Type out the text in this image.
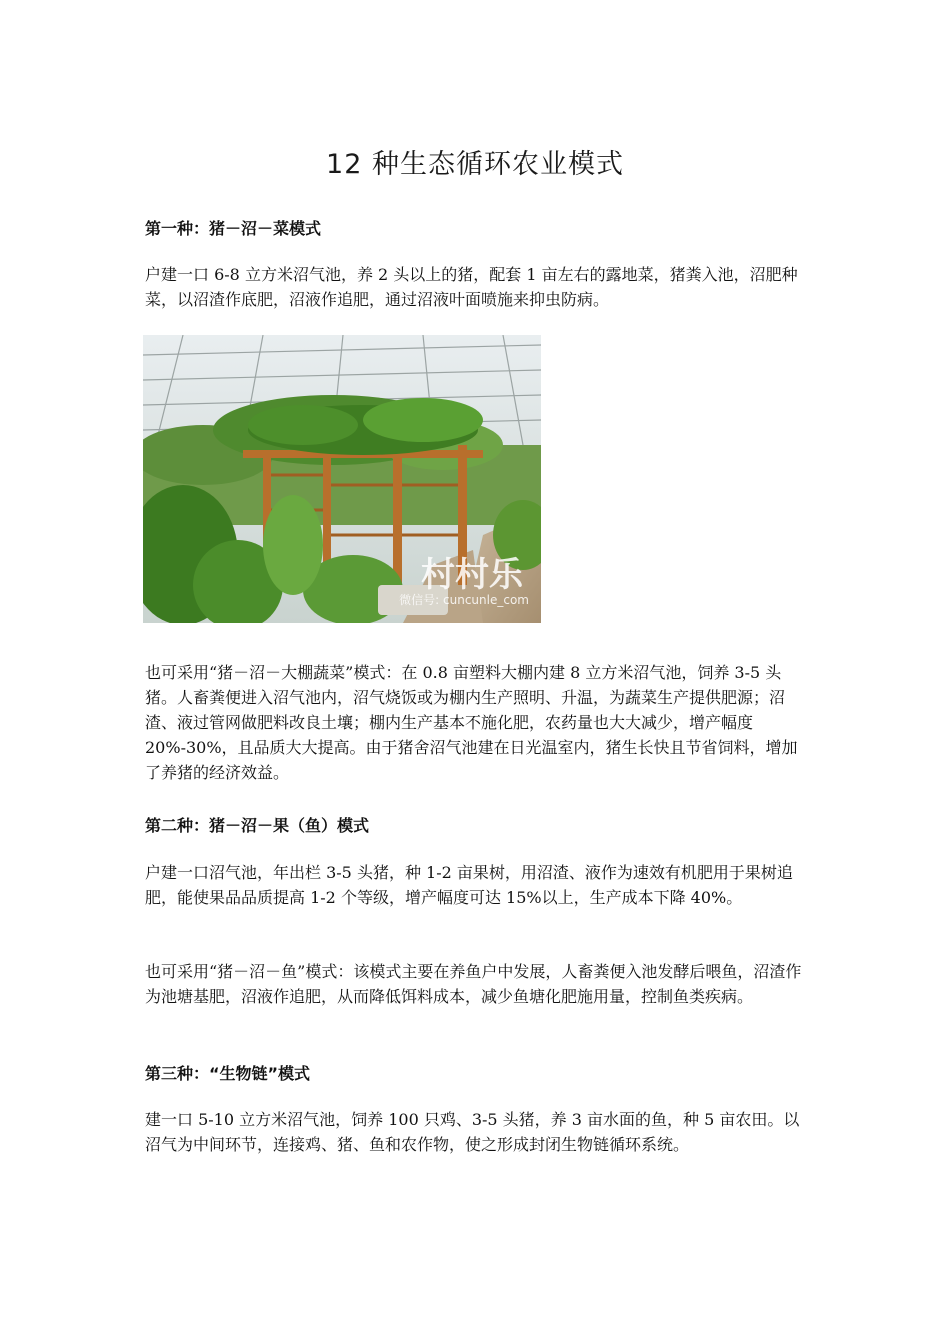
12 种生态循环农业模式
第一种：猪－沼－菜模式
户建一口 6-8 立方米沼气池，养 2 头以上的猪，配套 1 亩左右的露地菜，猪粪入池，沼肥种菜，以沼渣作底肥，沼液作追肥，通过沼液叶面喷施来抑虫防病。
村村乐
微信号: cuncunle_com
也可采用“猪－沼－大棚蔬菜”模式：在 0.8 亩塑料大棚内建 8 立方米沼气池，饲养 3-5 头猪。人畜粪便进入沼气池内，沼气烧饭或为棚内生产照明、升温，为蔬菜生产提供肥源；沼渣、液过管网做肥料改良土壤；棚内生产基本不施化肥，农药量也大大减少，增产幅度 20%-30%，且品质大大提高。由于猪舍沼气池建在日光温室内，猪生长快且节省饲料，增加了养猪的经济效益。
第二种：猪－沼－果（鱼）模式
户建一口沼气池，年出栏 3-5 头猪，种 1-2 亩果树，用沼渣、液作为速效有机肥用于果树追肥，能使果品品质提高 1-2 个等级，增产幅度可达 15%以上，生产成本下降 40%。
也可采用“猪－沼－鱼”模式：该模式主要在养鱼户中发展，人畜粪便入池发酵后喂鱼，沼渣作为池塘基肥，沼液作追肥，从而降低饵料成本，减少鱼塘化肥施用量，控制鱼类疾病。
第三种：“生物链”模式
建一口 5-10 立方米沼气池，饲养 100 只鸡、3-5 头猪，养 3 亩水面的鱼，种 5 亩农田。以沼气为中间环节，连接鸡、猪、鱼和农作物，使之形成封闭生物链循环系统。
